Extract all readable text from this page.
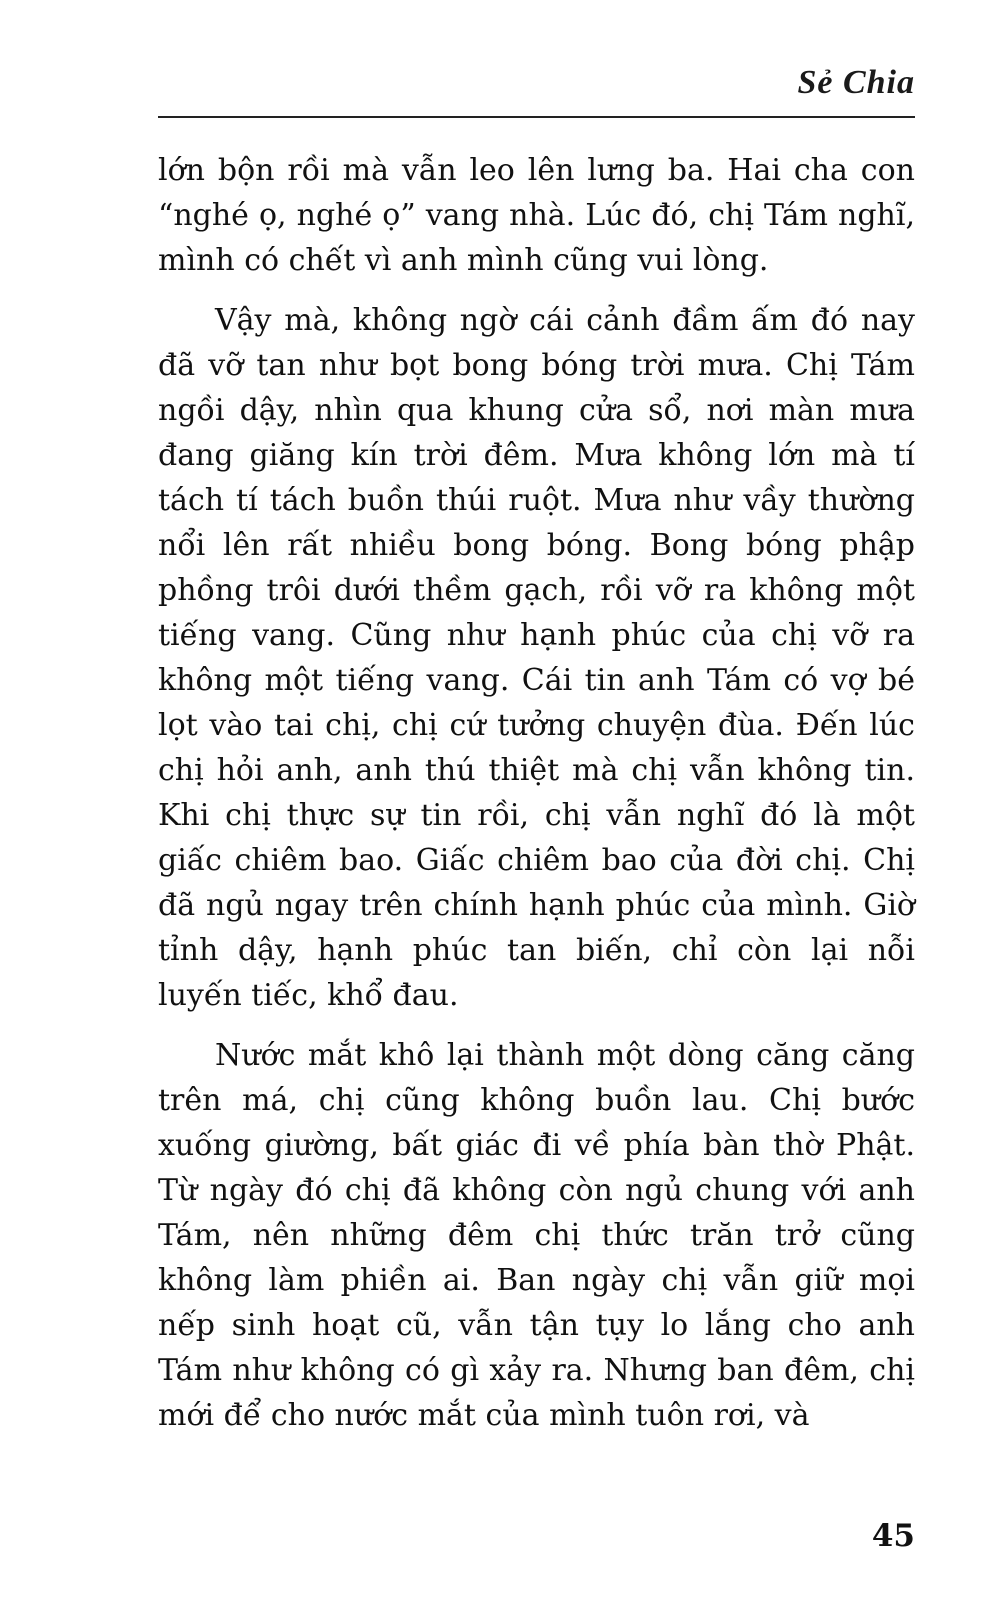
Sẻ Chia

lớn bộn rồi mà vẫn leo lên lưng ba. Hai cha con “nghé ọ, nghé ọ” vang nhà. Lúc đó, chị Tám nghĩ, mình có chết vì anh mình cũng vui lòng.

Vậy mà, không ngờ cái cảnh đầm ấm đó nay đã vỡ tan như bọt bong bóng trời mưa. Chị Tám ngồi dậy, nhìn qua khung cửa sổ, nơi màn mưa đang giăng kín trời đêm. Mưa không lớn mà tí tách tí tách buồn thúi ruột. Mưa như vầy thường nổi lên rất nhiều bong bóng. Bong bóng phập phồng trôi dưới thềm gạch, rồi vỡ ra không một tiếng vang. Cũng như hạnh phúc của chị vỡ ra không một tiếng vang. Cái tin anh Tám có vợ bé lọt vào tai chị, chị cứ tưởng chuyện đùa. Đến lúc chị hỏi anh, anh thú thiệt mà chị vẫn không tin. Khi chị thực sự tin rồi, chị vẫn nghĩ đó là một giấc chiêm bao. Giấc chiêm bao của đời chị. Chị đã ngủ ngay trên chính hạnh phúc của mình. Giờ tỉnh dậy, hạnh phúc tan biến, chỉ còn lại nỗi luyến tiếc, khổ đau.

Nước mắt khô lại thành một dòng căng căng trên má, chị cũng không buồn lau. Chị bước xuống giường, bất giác đi về phía bàn thờ Phật. Từ ngày đó chị đã không còn ngủ chung với anh Tám, nên những đêm chị thức trăn trở cũng không làm phiền ai. Ban ngày chị vẫn giữ mọi nếp sinh hoạt cũ, vẫn tận tụy lo lắng cho anh Tám như không có gì xảy ra. Nhưng ban đêm, chị mới để cho nước mắt của mình tuôn rơi, và

45
